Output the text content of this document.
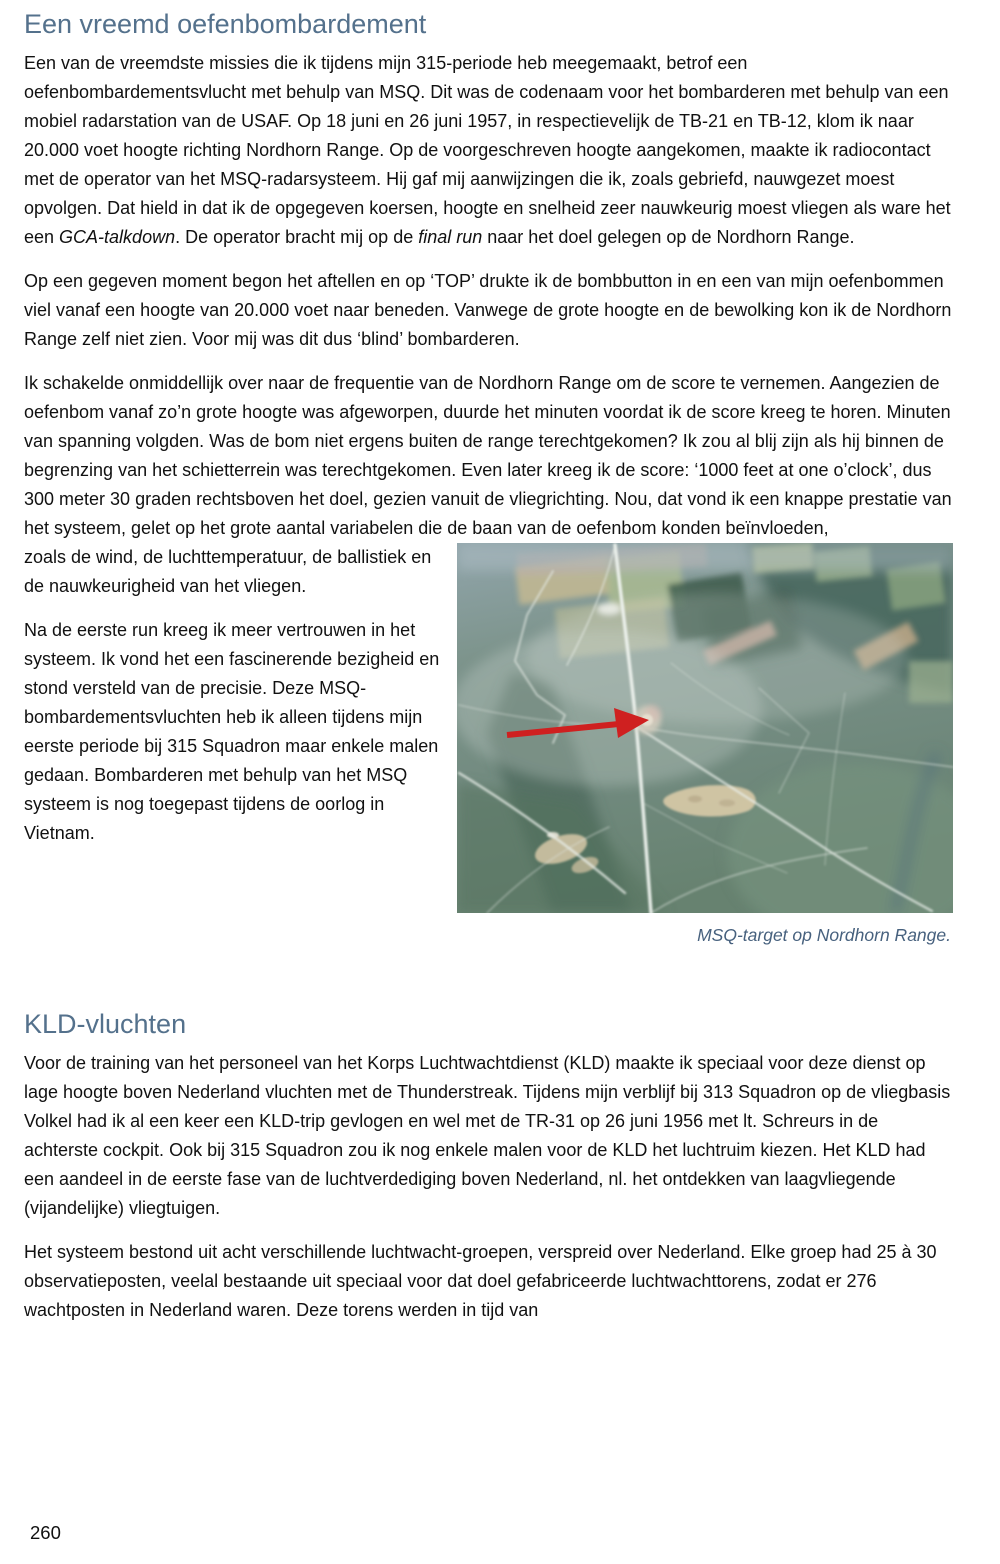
Een vreemd oefenbombardement

Een van de vreemdste missies die ik tijdens mijn 315-periode heb meegemaakt, betrof een oefenbombardementsvlucht met behulp van MSQ. Dit was de codenaam voor het bombarderen met behulp van een mobiel radarstation van de USAF. Op 18 juni en 26 juni 1957, in respectievelijk de TB-21 en TB-12, klom ik naar 20.000 voet hoogte richting Nordhorn Range. Op de voorgeschreven hoogte aangekomen, maakte ik radiocontact met de operator van het MSQ-radarsysteem. Hij gaf mij aanwijzingen die ik, zoals gebriefd, nauwgezet moest opvolgen. Dat hield in dat ik de opgegeven koersen, hoogte en snelheid zeer nauwkeurig moest vliegen als ware het een GCA-talkdown. De operator bracht mij op de final run naar het doel gelegen op de Nordhorn Range.

Op een gegeven moment begon het aftellen en op ‘TOP’ drukte ik de bombbutton in en een van mijn oefenbommen viel vanaf een hoogte van 20.000 voet naar beneden. Vanwege de grote hoogte en de bewolking kon ik de Nordhorn Range zelf niet zien. Voor mij was dit dus ‘blind’ bombarderen.

Ik schakelde onmiddellijk over naar de frequentie van de Nordhorn Range om de score te vernemen. Aangezien de oefenbom vanaf zo’n grote hoogte was afgeworpen, duurde het minuten voordat ik de score kreeg te horen. Minuten van spanning volgden. Was de bom niet ergens buiten de range terechtgekomen? Ik zou al blij zijn als hij binnen de begrenzing van het schietterrein was terechtgekomen. Even later kreeg ik de score: ‘1000 feet at one o’clock’, dus 300 meter 30 graden rechtsboven het doel, gezien vanuit de vliegrichting. Nou, dat vond ik een knappe prestatie van het systeem, gelet op het grote aantal variabelen die de baan van de oefenbom konden beïnvloeden,

zoals de wind, de luchttemperatuur, de ballistiek en de nauwkeurigheid van het vliegen.

Na de eerste run kreeg ik meer vertrouwen in het systeem. Ik vond het een fascinerende bezigheid en stond versteld van de precisie. Deze MSQ-bombardementsvluchten heb ik alleen tijdens mijn eerste periode bij 315 Squadron maar enkele malen gedaan. Bombarderen met behulp van het MSQ systeem is nog toegepast tijdens de oorlog in Vietnam.

MSQ-target op Nordhorn Range.
KLD-vluchten

Voor de training van het personeel van het Korps Luchtwachtdienst (KLD) maakte ik speciaal voor deze dienst op lage hoogte boven Nederland vluchten met de Thunderstreak. Tijdens mijn verblijf bij 313 Squadron op de vliegbasis Volkel had ik al een keer een KLD-trip gevlogen en wel met de TR-31 op 26 juni 1956 met lt. Schreurs in de achterste cockpit. Ook bij 315 Squadron zou ik nog enkele malen voor de KLD het luchtruim kiezen. Het KLD had een aandeel in de eerste fase van de luchtverdediging boven Nederland, nl. het ontdekken van laagvliegende (vijandelijke) vliegtuigen.

Het systeem bestond uit acht verschillende luchtwacht-groepen, verspreid over Nederland. Elke groep had 25 à 30 observatieposten, veelal bestaande uit speciaal voor dat doel gefabriceerde luchtwachttorens, zodat er 276 wachtposten in Nederland waren. Deze torens werden in tijd van

260
